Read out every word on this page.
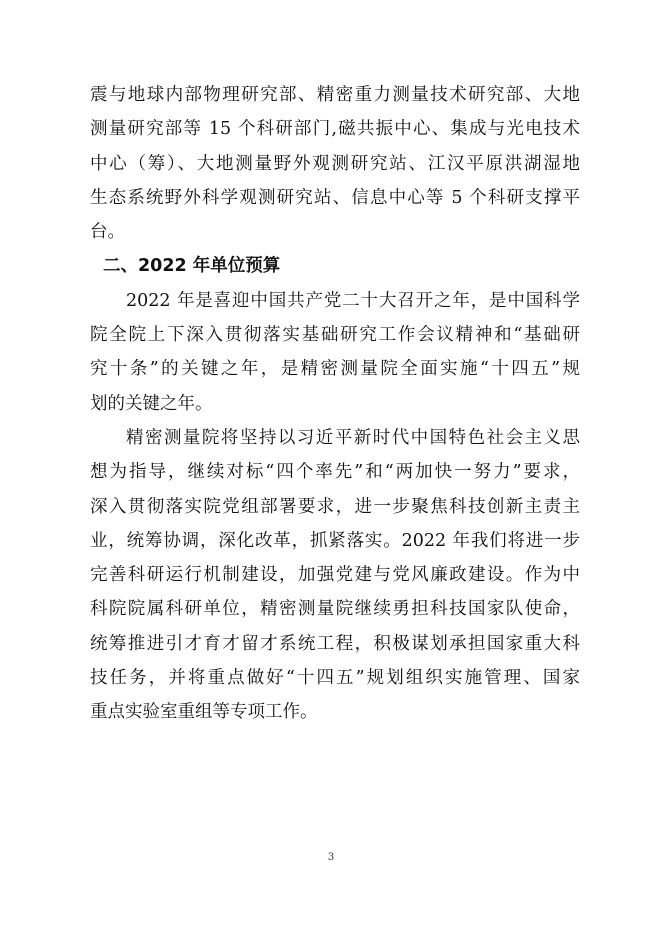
震与地球内部物理研究部、精密重力测量技术研究部、大地
测量研究部等 15 个科研部门,磁共振中心、集成与光电技术
中心（筹）、大地测量野外观测研究站、江汉平原洪湖湿地
生态系统野外科学观测研究站、信息中心等 5 个科研支撑平
台。
二、2022 年单位预算
2022 年是喜迎中国共产党二十大召开之年，是中国科学
院全院上下深入贯彻落实基础研究工作会议精神和“基础研
究十条”的关键之年，是精密测量院全面实施“十四五”规
划的关键之年。
精密测量院将坚持以习近平新时代中国特色社会主义思
想为指导，继续对标“四个率先”和“两加快一努力”要求，
深入贯彻落实院党组部署要求，进一步聚焦科技创新主责主
业，统筹协调，深化改革，抓紧落实。2022 年我们将进一步
完善科研运行机制建设，加强党建与党风廉政建设。作为中
科院院属科研单位，精密测量院继续勇担科技国家队使命，
统筹推进引才育才留才系统工程，积极谋划承担国家重大科
技任务，并将重点做好“十四五”规划组织实施管理、国家
重点实验室重组等专项工作。
3
